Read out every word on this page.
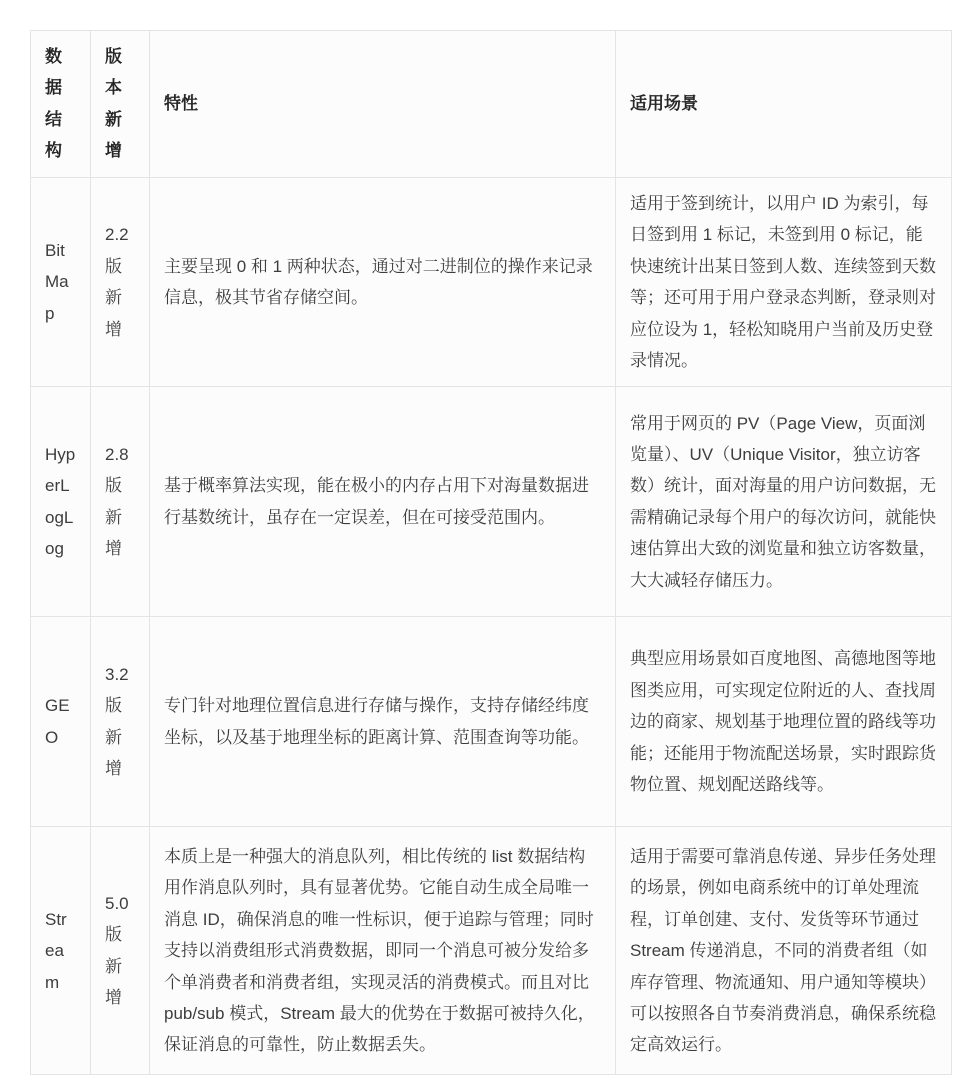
数据结构	版本新增	特性	适用场景
BitMap	2.2 版新增	主要呈现 0 和 1 两种状态，通过对二进制位的操作来记录信息，极其节省存储空间。	适用于签到统计，以用户 ID 为索引，每日签到用 1 标记，未签到用 0 标记，能快速统计出某日签到人数、连续签到天数等；还可用于用户登录态判断，登录则对应位设为 1，轻松知晓用户当前及历史登录情况。
HyperLogLog	2.8 版新增	基于概率算法实现，能在极小的内存占用下对海量数据进行基数统计，虽存在一定误差，但在可接受范围内。	常用于网页的 PV（Page View，页面浏览量）、UV（Unique Visitor，独立访客数）统计，面对海量的用户访问数据，无需精确记录每个用户的每次访问，就能快速估算出大致的浏览量和独立访客数量，大大减轻存储压力。
GEO	3.2 版新增	专门针对地理位置信息进行存储与操作，支持存储经纬度坐标，以及基于地理坐标的距离计算、范围查询等功能。	典型应用场景如百度地图、高德地图等地图类应用，可实现定位附近的人、查找周边的商家、规划基于地理位置的路线等功能；还能用于物流配送场景，实时跟踪货物位置、规划配送路线等。
Stream	5.0 版新增	本质上是一种强大的消息队列，相比传统的 list 数据结构用作消息队列时，具有显著优势。它能自动生成全局唯一消息 ID，确保消息的唯一性标识，便于追踪与管理；同时支持以消费组形式消费数据，即同一个消息可被分发给多个单消费者和消费者组，实现灵活的消费模式。而且对比 pub/sub 模式，Stream 最大的优势在于数据可被持久化，保证消息的可靠性，防止数据丢失。	适用于需要可靠消息传递、异步任务处理的场景，例如电商系统中的订单处理流程，订单创建、支付、发货等环节通过 Stream 传递消息，不同的消费者组（如库存管理、物流通知、用户通知等模块）可以按照各自节奏消费消息，确保系统稳定高效运行。
